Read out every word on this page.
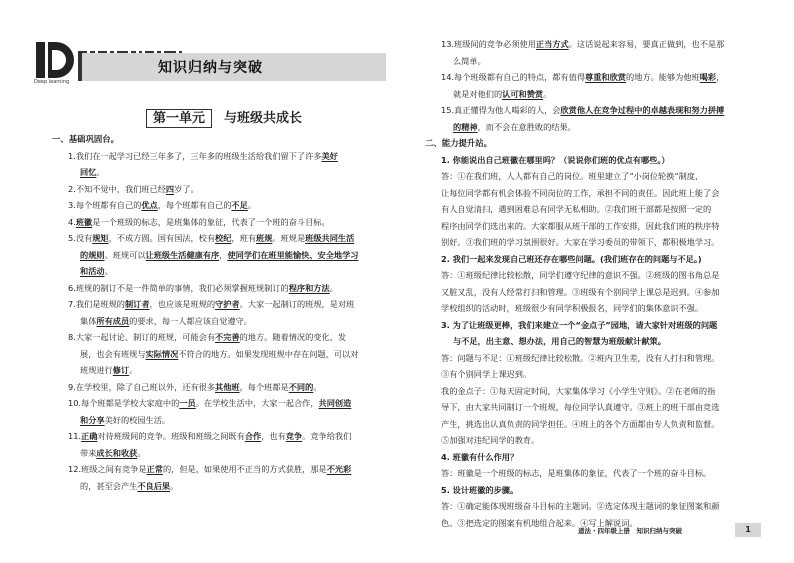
Deep learning
知识归纳与突破
第一单元 与班级共成长

一、基础巩固台。

1.我们在一起学习已经三年多了，三年多的班级生活给我们留下了许多美好

回忆。

2.不知不觉中，我们班已经四岁了。

3.每个班都有自己的优点，每个班都有自己的不足。

4.班徽是一个班级的标志，是班集体的象征，代表了一个班的奋斗目标。

5.没有规矩，不成方圆。国有国法，校有校纪，班有班规。班规是班级共同生活

的规则。班规可以让班级生活健康有序，使同学们在班里能愉快、安全地学习

和活动。

6.班规的制订不是一件简单的事情，我们必须掌握班规制订的程序和方法。

7.我们是班规的制订者，也应该是班规的守护者。大家一起制订的班规，是对班

集体所有成员的要求，每一人都应该自觉遵守。

8.大家一起讨论、制订的班规，可能会有不完善的地方。随着情况的变化、发

展，也会有班规与实际情况不符合的地方。如果发现班规中存在问题，可以对

班规进行修订。

9.在学校里，除了自己班以外，还有很多其他班，每个班都是不同的。

10.每个班都是学校大家庭中的一员。在学校生活中，大家一起合作，共同创造

和分享美好的校园生活。

11.正确对待班级间的竞争。班级和班级之间既有合作，也有竞争。竞争给我们

带来成长和收获。

12.班级之间有竞争是正常的，但是，如果使用不正当的方式获胜，那是不光彩

的，甚至会产生不良后果。

13.班级间的竞争必须使用正当方式。这话说起来容易，要真正做到，也不是那

么简单。

14.每个班级都有自己的特点，都有值得尊重和欣赏的地方。能够为他班喝彩，

就是对他们的认可和赞赏。

15.真正懂得为他人喝彩的人，会欣赏他人在竞争过程中的卓越表现和努力拼搏

的精神，而不会在意胜败的结果。

二、能力提升站。

1. 你能说出自己班徽在哪里吗？（说说你们班的优点有哪些。）

答：①在我们班，人人都有自己的岗位。班里建立了“小岗位轮换”制度，

让每位同学都有机会体验不同岗位的工作，承担不同的责任。因此班上能了会

有人自觉清扫，遇到困难总有同学无私相助。②我们班干部都是按照一定的

程序由同学们选出来的。大家都服从班干部的工作安排，因此我们班的秩序特

别好。③我们班的学习氛围很好。大家在学习委员的带领下，都积极地学习。

2. 我们一起来发现自己班还存在哪些问题。(我们班存在的问题与不足。)

答：①班级纪律比较松散，同学们遵守纪律的意识不强。②班级的图书角总是

又脏又乱，没有人经常打扫和管理。③班级有个别同学上课总是迟到。④参加

学校组织的活动时，班级很少有同学积极报名，同学们的集体意识不强。

3. 为了让班级更棒，我们来建立一个“金点子”园地，请大家针对班级的问题

与不足，出主意、想办法，用自己的智慧为班级献计献策。

答：问题与不足：①班级纪律比较松散。②班内卫生差，没有人打扫和管理。

③有个别同学上课迟到。

我的金点子：①每天固定时间，大家集体学习《小学生守则》。②在老师的指

导下，由大家共同制订一个班规，每位同学认真遵守。③班上的班干部由竞选

产生，挑选出认真负责的同学担任。④班上的各个方面都由专人负责和监督。

⑤加强对违纪同学的教育。

4. 班徽有什么作用？

答：班徽是一个班级的标志，是班集体的象征，代表了一个班的奋斗目标。

5. 设计班徽的步骤。

答：①确定能体现班级奋斗目标的主题词。②选定体现主题词的象征图案和颜

色。③把选定的图案有机地组合起来。④写上解说词。

道法・四年级上册　知识归纳与突破	1
